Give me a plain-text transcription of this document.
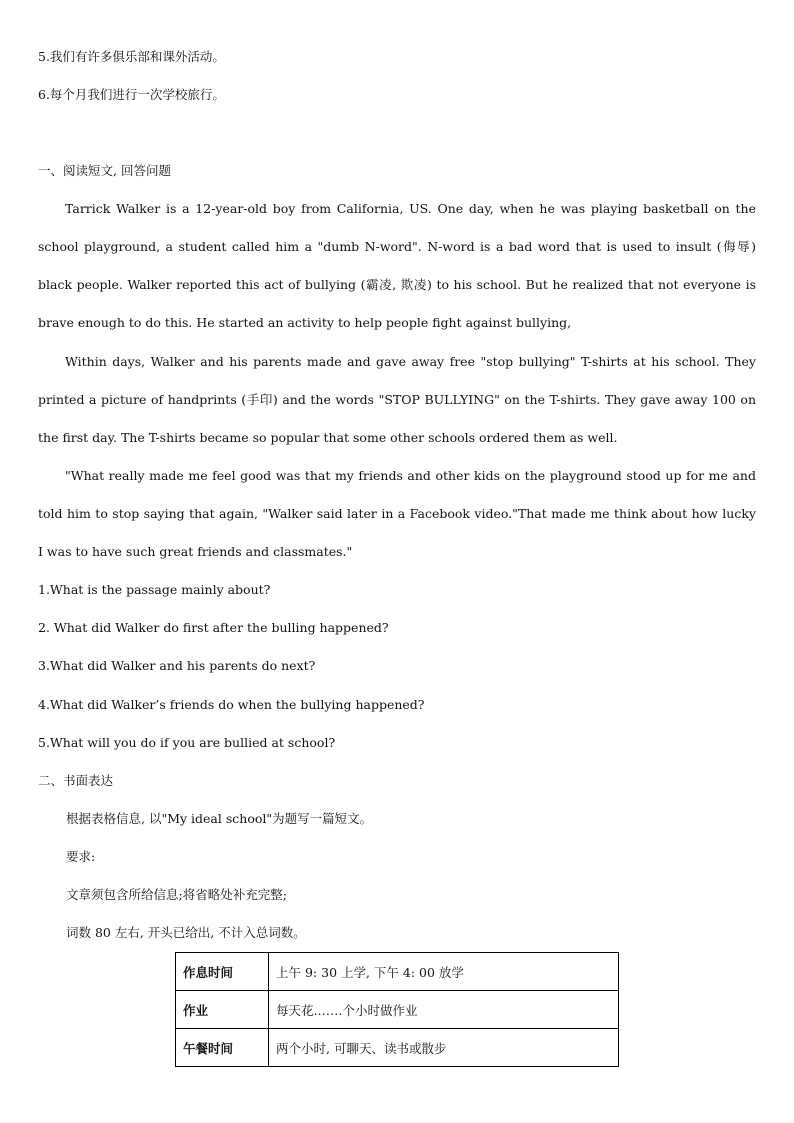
5.我们有许多俱乐部和课外活动。
6.每个月我们进行一次学校旅行。
一、阅读短文, 回答问题

Tarrick Walker is a 12-year-old boy from California, US. One day, when he was playing basketball on the school playground, a student called him a "dumb N-word". N-word is a bad word that is used to insult (侮辱) black people. Walker reported this act of bullying (霸凌, 欺凌) to his school. But he realized that not everyone is brave enough to do this. He started an activity to help people fight against bullying,

Within days, Walker and his parents made and gave away free "stop bullying" T-shirts at his school. They printed a picture of handprints (手印) and the words "STOP BULLYING" on the T-shirts. They gave away 100 on the first day. The T-shirts became so popular that some other schools ordered them as well.

"What really made me feel good was that my friends and other kids on the playground stood up for me and told him to stop saying that again, "Walker said later in a Facebook video."That made me think about how lucky I was to have such great friends and classmates."

1.What is the passage mainly about?
2. What did Walker do first after the bulling happened?
3.What did Walker and his parents do next?
4.What did Walker’s friends do when the bullying happened?
5.What will you do if you are bullied at school?
二、书面表达
根据表格信息, 以"My ideal school"为题写一篇短文。
要求:
文章须包含所给信息;将省略处补充完整;
词数 80 左右, 开头已给出, 不计入总词数。
作息时间	上午 9: 30 上学, 下午 4: 00 放学
作业	每天花.……个小时做作业
午餐时间	两个小时, 可聊天、读书或散步
